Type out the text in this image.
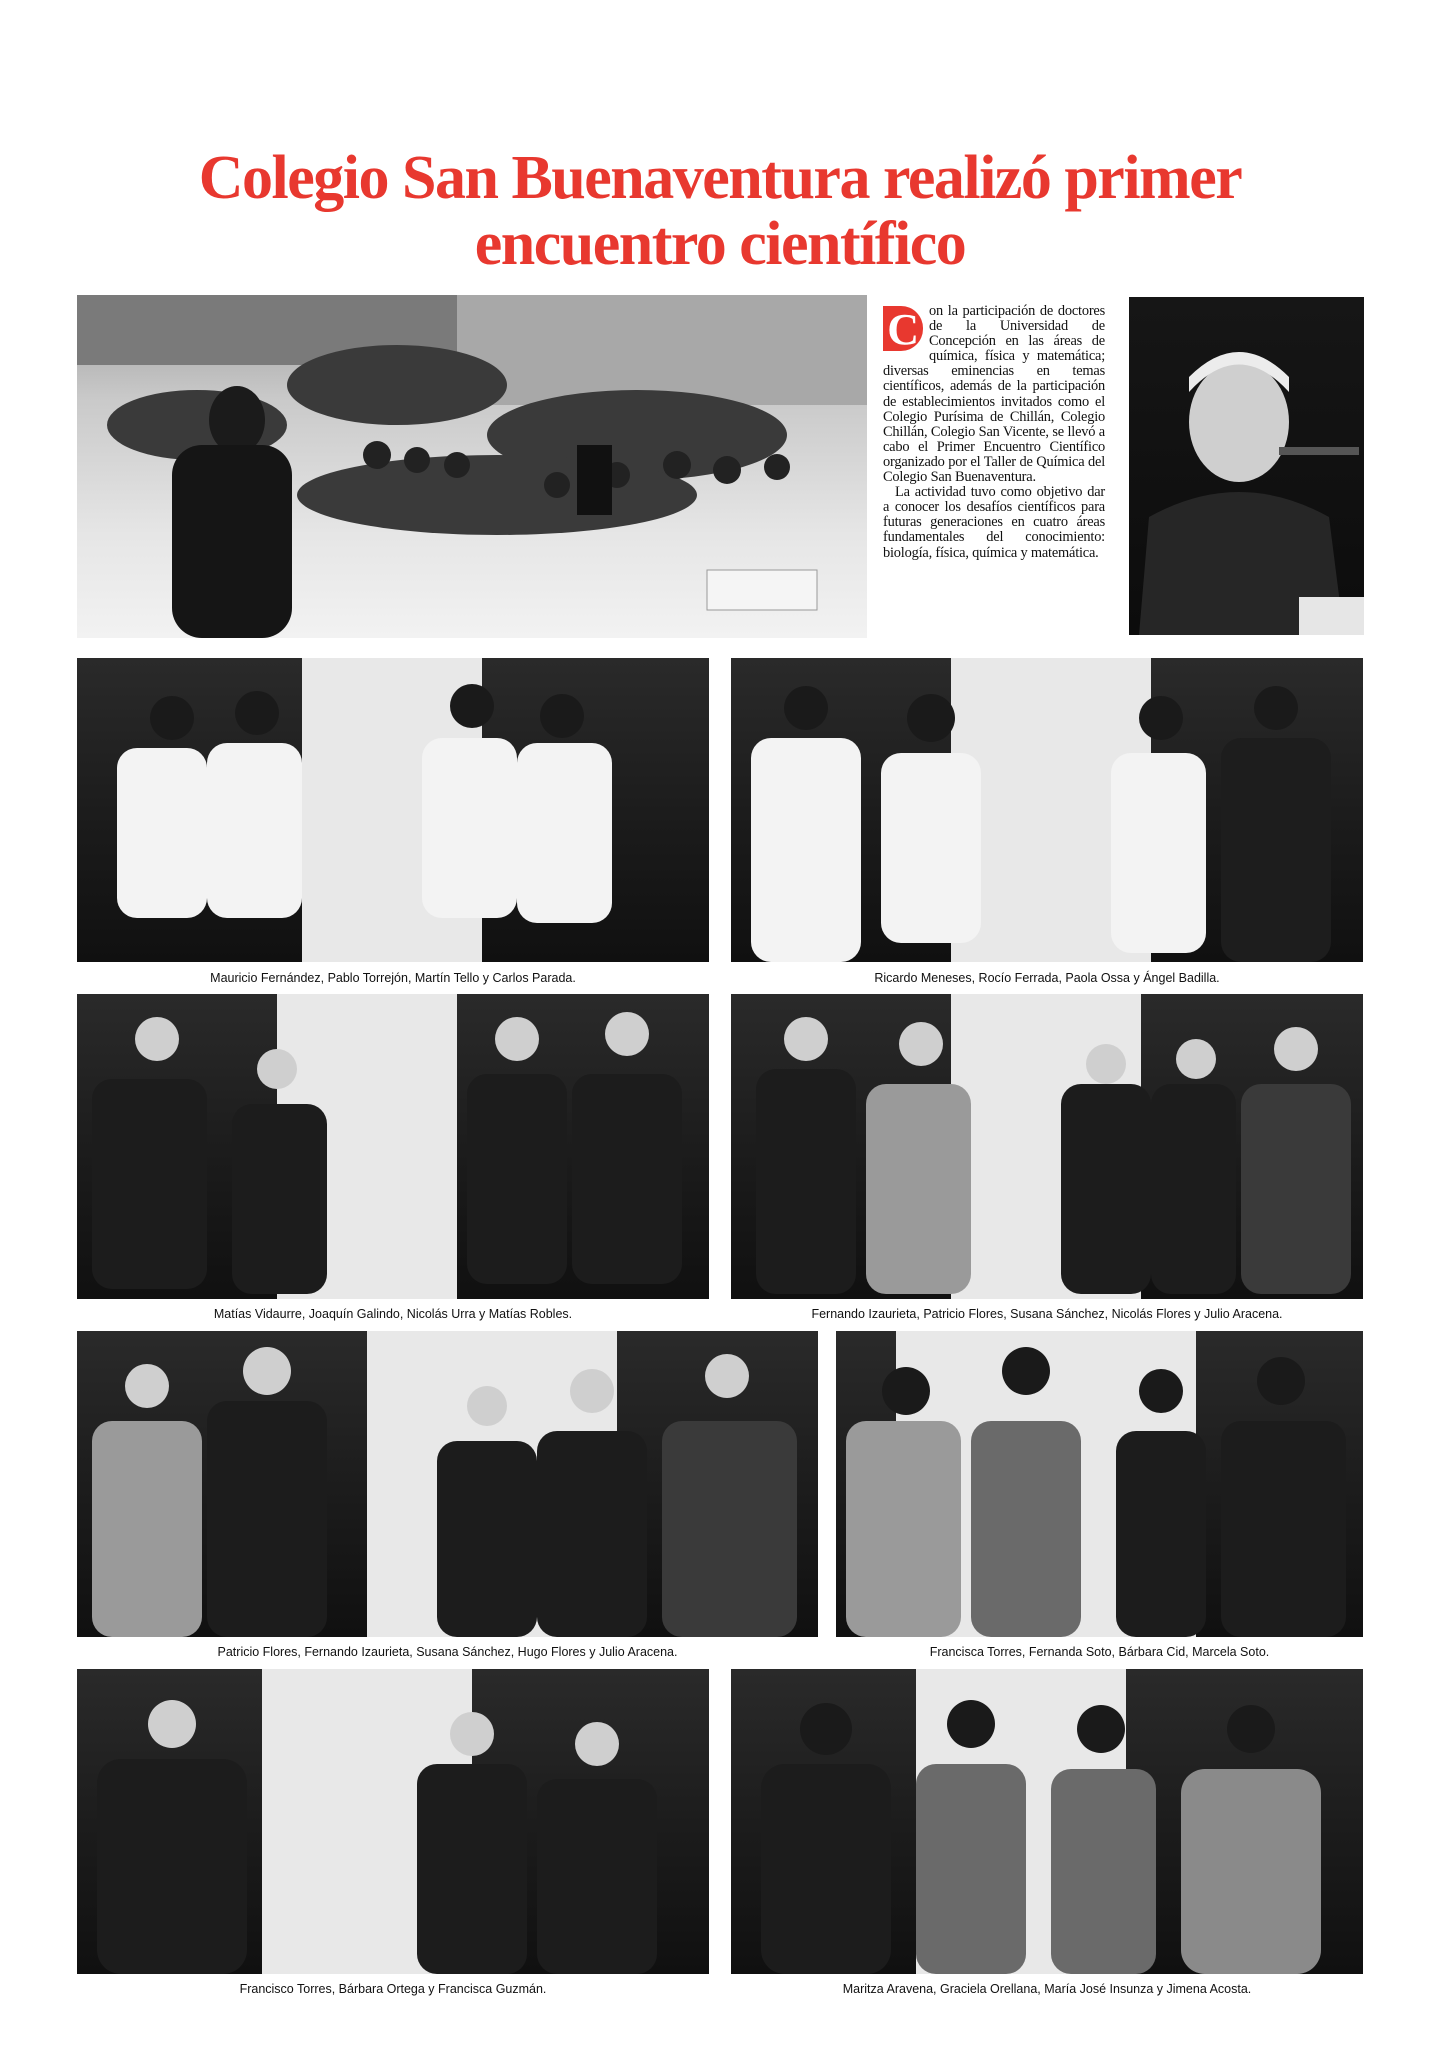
Colegio San Buenaventura realizó primer
encuentro científico

C on la participación de doctores de la Universidad de Concepción en las áreas de química, física y matemática; diversas eminencias en temas científicos, además de la participación de establecimientos invitados como el Colegio Purísima de Chillán, Colegio Chillán, Colegio San Vicente, se llevó a cabo el Primer Encuentro Científico organizado por el Taller de Química del Colegio San Buenaventura.

La actividad tuvo como objetivo dar a conocer los desafíos científicos para futuras generaciones en cuatro áreas fundamentales del conocimiento: biología, física, química y matemática.

Mauricio Fernández, Pablo Torrejón, Martín Tello y Carlos Parada.	Ricardo Meneses, Rocío Ferrada, Paola Ossa y Ángel Badilla.
Matías Vidaurre, Joaquín Galindo, Nicolás Urra y Matías Robles.	Fernando Izaurieta, Patricio Flores, Susana Sánchez, Nicolás Flores y Julio Aracena.
Patricio Flores, Fernando Izaurieta, Susana Sánchez, Hugo Flores y Julio Aracena.	Francisca Torres, Fernanda Soto, Bárbara Cid, Marcela Soto.
Francisco Torres, Bárbara Ortega y Francisca Guzmán.	Maritza Aravena, Graciela Orellana, María José Insunza y Jimena Acosta.
